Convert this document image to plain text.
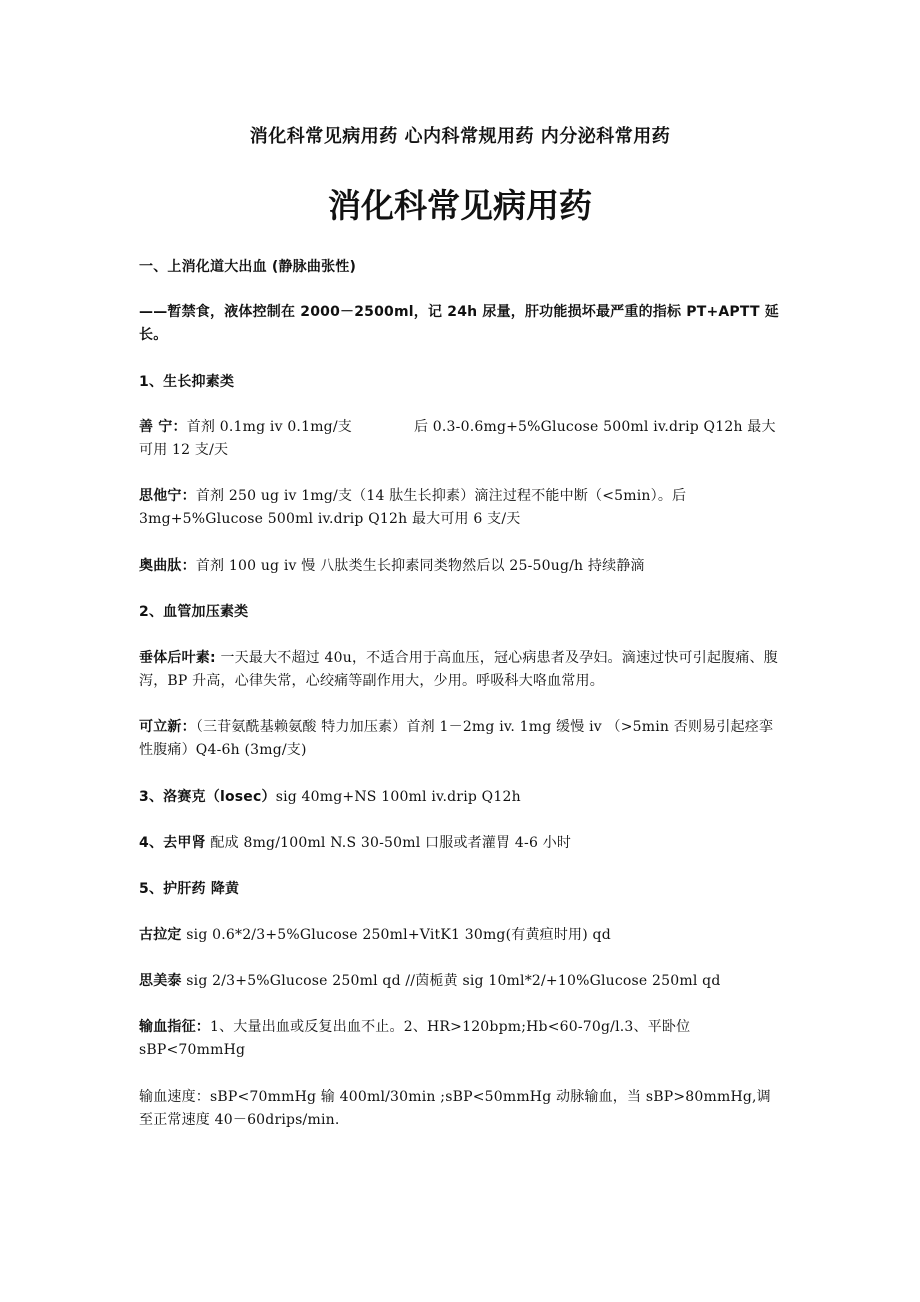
消化科常见病用药 心内科常规用药 内分泌科常用药
消化科常见病用药
一、上消化道大出血 (静脉曲张性)
——暂禁食，液体控制在 2000－2500ml，记 24h 尿量，肝功能损坏最严重的指标 PT+APTT 延长。
1、生长抑素类
善 宁：首剂 0.1mg iv 0.1mg/支	后 0.3-0.6mg+5%Glucose 500ml iv.drip Q12h 最大可用 12 支/天
思他宁：首剂 250 ug iv 1mg/支（14 肽生长抑素）滴注过程不能中断（<5min）。后 3mg+5%Glucose 500ml iv.drip Q12h 最大可用 6 支/天
奥曲肽：首剂 100 ug iv 慢 八肽类生长抑素同类物然后以 25-50ug/h 持续静滴
2、血管加压素类
垂体后叶素: 一天最大不超过 40u，不适合用于高血压，冠心病患者及孕妇。滴速过快可引起腹痛、腹泻，BP 升高，心律失常，心绞痛等副作用大，少用。呼吸科大咯血常用。
可立新：（三苷氨酰基赖氨酸 特力加压素）首剂 1－2mg iv. 1mg 缓慢 iv （>5min 否则易引起痉挛性腹痛）Q4-6h (3mg/支)
3、洛赛克（losec）sig 40mg+NS 100ml iv.drip Q12h
4、去甲肾 配成 8mg/100ml N.S 30-50ml 口服或者灌胃 4-6 小时
5、护肝药 降黄
古拉定 sig 0.6*2/3+5%Glucose 250ml+VitK1 30mg(有黄疸时用) qd
思美泰 sig 2/3+5%Glucose 250ml qd //茵栀黄 sig 10ml*2/+10%Glucose 250ml qd
输血指征：1、大量出血或反复出血不止。2、HR>120bpm;Hb<60-70g/l.3、平卧位 sBP<70mmHg
输血速度：sBP<70mmHg 输 400ml/30min ;sBP<50mmHg 动脉输血，当 sBP>80mmHg,调至正常速度 40－60drips/min.
